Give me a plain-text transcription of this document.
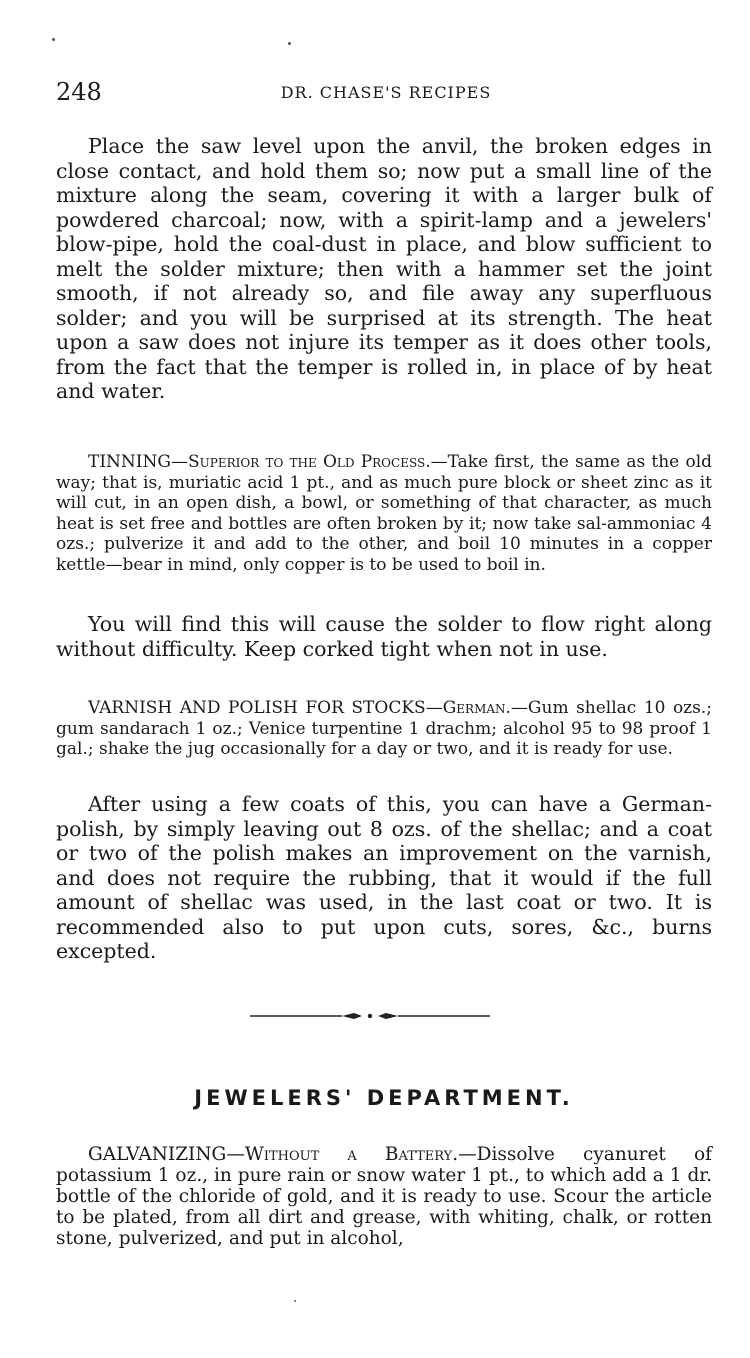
248	DR. CHASE'S RECIPES

Place the saw level upon the anvil, the broken edges in close contact, and hold them so; now put a small line of the mixture along the seam, covering it with a larger bulk of powdered charcoal; now, with a spirit-lamp and a jewelers' blow-pipe, hold the coal-dust in place, and blow sufficient to melt the solder mixture; then with a hammer set the joint smooth, if not already so, and file away any superfluous solder; and you will be surprised at its strength. The heat upon a saw does not injure its temper as it does other tools, from the fact that the temper is rolled in, in place of by heat and water.

TINNING—Superior to the Old Process.—Take first, the same as the old way; that is, muriatic acid 1 pt., and as much pure block or sheet zinc as it will cut, in an open dish, a bowl, or something of that character, as much heat is set free and bottles are often broken by it; now take sal-ammoniac 4 ozs.; pulverize it and add to the other, and boil 10 minutes in a copper kettle—bear in mind, only copper is to be used to boil in.

You will find this will cause the solder to flow right along without difficulty. Keep corked tight when not in use.

VARNISH AND POLISH FOR STOCKS—German.—Gum shellac 10 ozs.; gum sandarach 1 oz.; Venice turpentine 1 drachm; alcohol 95 to 98 proof 1 gal.; shake the jug occasionally for a day or two, and it is ready for use.

After using a few coats of this, you can have a German-polish, by simply leaving out 8 ozs. of the shellac; and a coat or two of the polish makes an improvement on the varnish, and does not require the rubbing, that it would if the full amount of shellac was used, in the last coat or two. It is recommended also to put upon cuts, sores, &c., burns excepted.

JEWELERS' DEPARTMENT.

GALVANIZING—Without a Battery.—Dissolve cyanuret of potassium 1 oz., in pure rain or snow water 1 pt., to which add a 1 dr. bottle of the chloride of gold, and it is ready to use. Scour the article to be plated, from all dirt and grease, with whiting, chalk, or rotten stone, pulverized, and put in alcohol,
